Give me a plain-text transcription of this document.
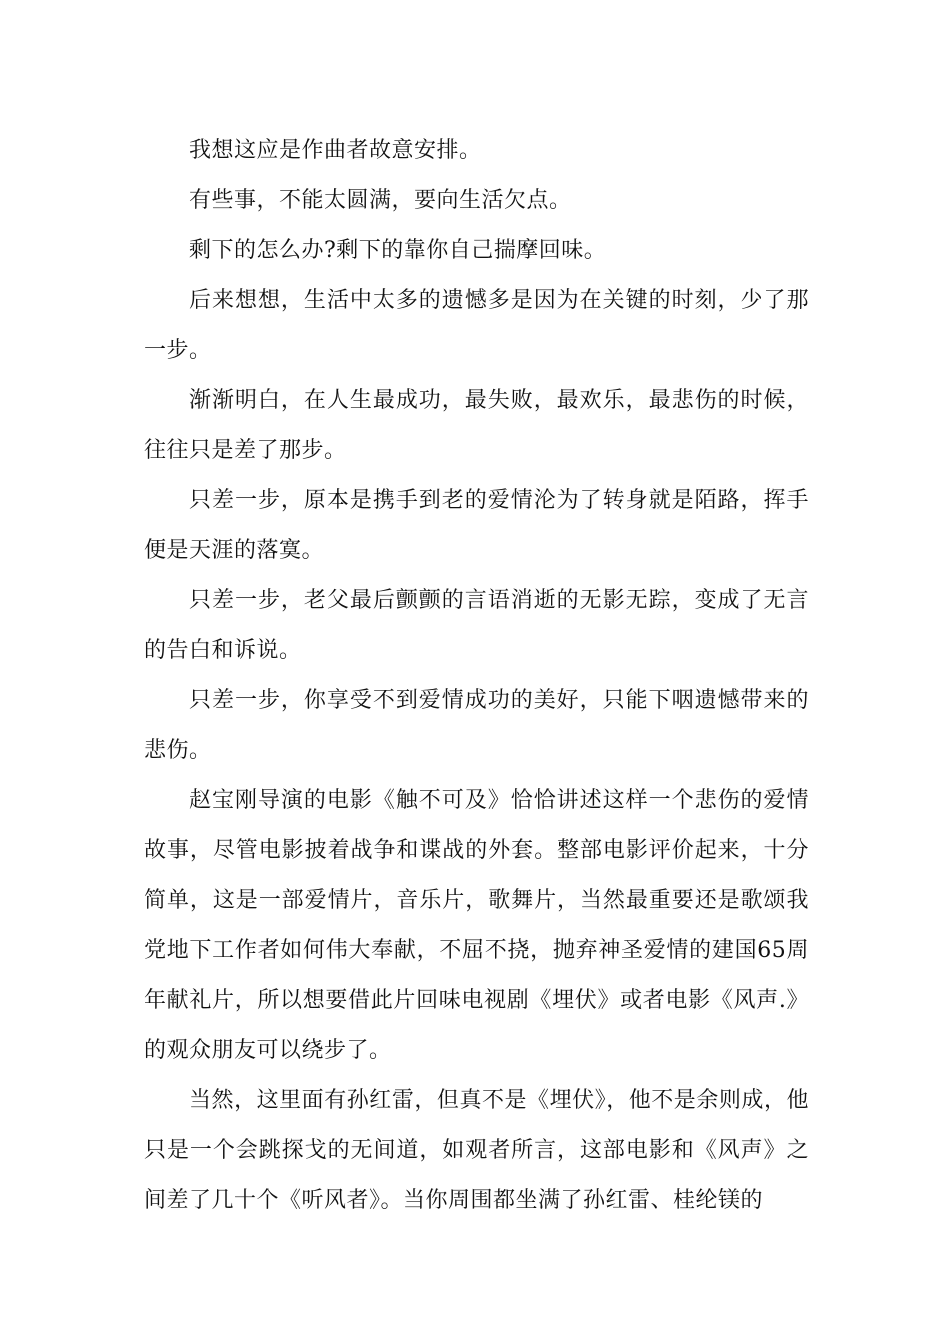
我想这应是作曲者故意安排。

有些事，不能太圆满，要向生活欠点。

剩下的怎么办?剩下的靠你自己揣摩回味。

后来想想，生活中太多的遗憾多是因为在关键的时刻，少了那一步。

渐渐明白，在人生最成功，最失败，最欢乐，最悲伤的时候，往往只是差了那步。

只差一步，原本是携手到老的爱情沦为了转身就是陌路，挥手便是天涯的落寞。

只差一步，老父最后颤颤的言语消逝的无影无踪，变成了无言的告白和诉说。

只差一步，你享受不到爱情成功的美好，只能下咽遗憾带来的悲伤。

赵宝刚导演的电影《触不可及》恰恰讲述这样一个悲伤的爱情故事，尽管电影披着战争和谍战的外套。整部电影评价起来，十分简单，这是一部爱情片，音乐片，歌舞片，当然最重要还是歌颂我党地下工作者如何伟大奉献，不屈不挠，抛弃神圣爱情的建国65周年献礼片，所以想要借此片回味电视剧《埋伏》或者电影《风声.》的观众朋友可以绕步了。

当然，这里面有孙红雷，但真不是《埋伏》，他不是余则成，他只是一个会跳探戈的无间道，如观者所言，这部电影和《风声》之间差了几十个《听风者》。当你周围都坐满了孙红雷、桂纶镁的
